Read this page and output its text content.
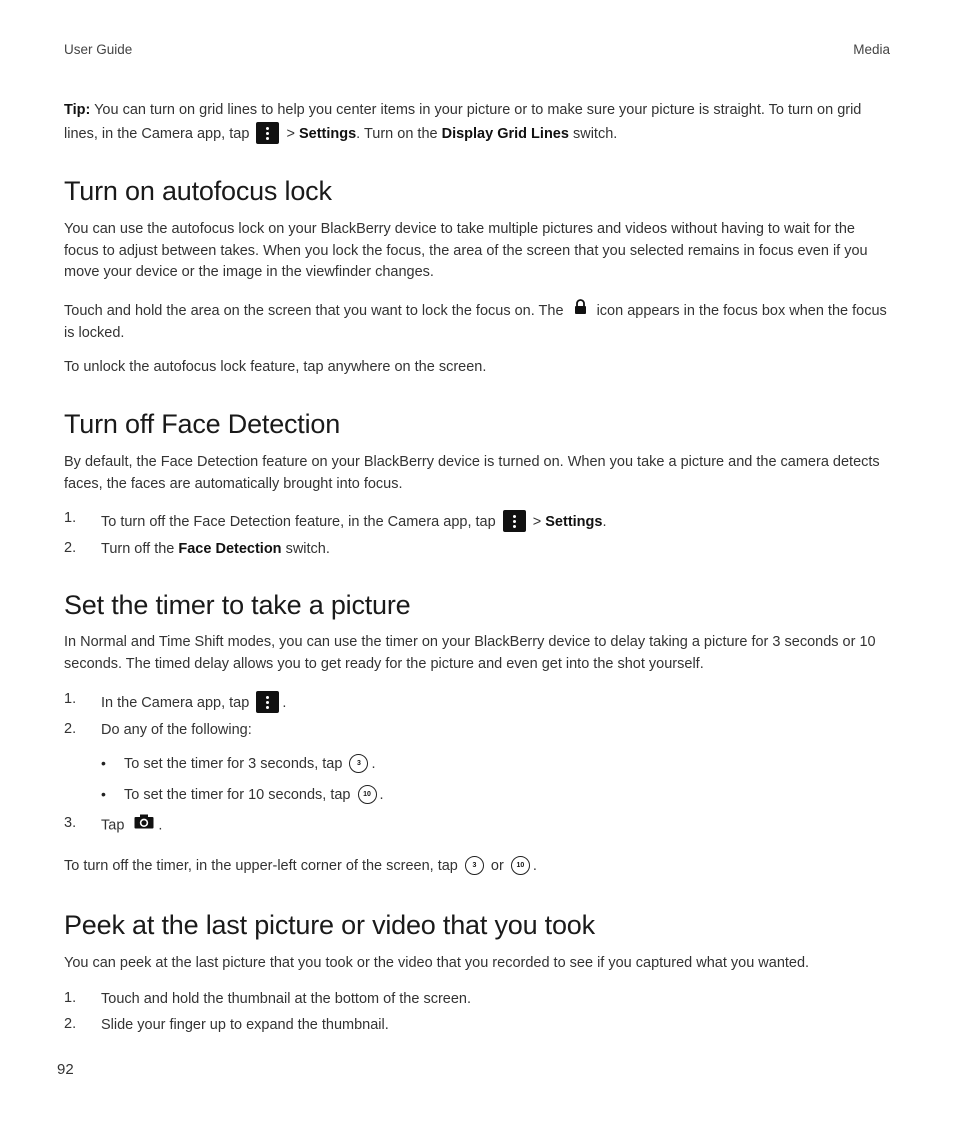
User Guide	Media

Tip: You can turn on grid lines to help you center items in your picture or to make sure your picture is straight. To turn on grid lines, in the Camera app, tap
> Settings. Turn on the Display Grid Lines switch.

Turn on autofocus lock

You can use the autofocus lock on your BlackBerry device to take multiple pictures and videos without having to wait for the focus to adjust between takes. When you lock the focus, the area of the screen that you selected remains in focus even if you move your device or the image in the viewfinder changes.

Touch and hold the area on the screen that you want to lock the focus on. The  icon appears in the focus box when the focus is locked.

To unlock the autofocus lock feature, tap anywhere on the screen.

Turn off Face Detection

By default, the Face Detection feature on your BlackBerry device is turned on. When you take a picture and the camera detects faces, the faces are automatically brought into focus.

1. To turn off the Face Detection feature, in the Camera app, tap
> Settings.
2. Turn off the Face Detection switch.
Set the timer to take a picture

In Normal and Time Shift modes, you can use the timer on your BlackBerry device to delay taking a picture for 3 seconds or 10 seconds. The timed delay allows you to get ready for the picture and even get into the shot yourself.

1. In the Camera app, tap
.
2. Do any of the following:
• To set the timer for 3 seconds, tap 3 .
• To set the timer for 10 seconds, tap 10 .
3. Tap .

To turn off the timer, in the upper-left corner of the screen, tap 3 or 10 .

Peek at the last picture or video that you took

You can peek at the last picture that you took or the video that you recorded to see if you captured what you wanted.

1. Touch and hold the thumbnail at the bottom of the screen.
2. Slide your finger up to expand the thumbnail.
92
